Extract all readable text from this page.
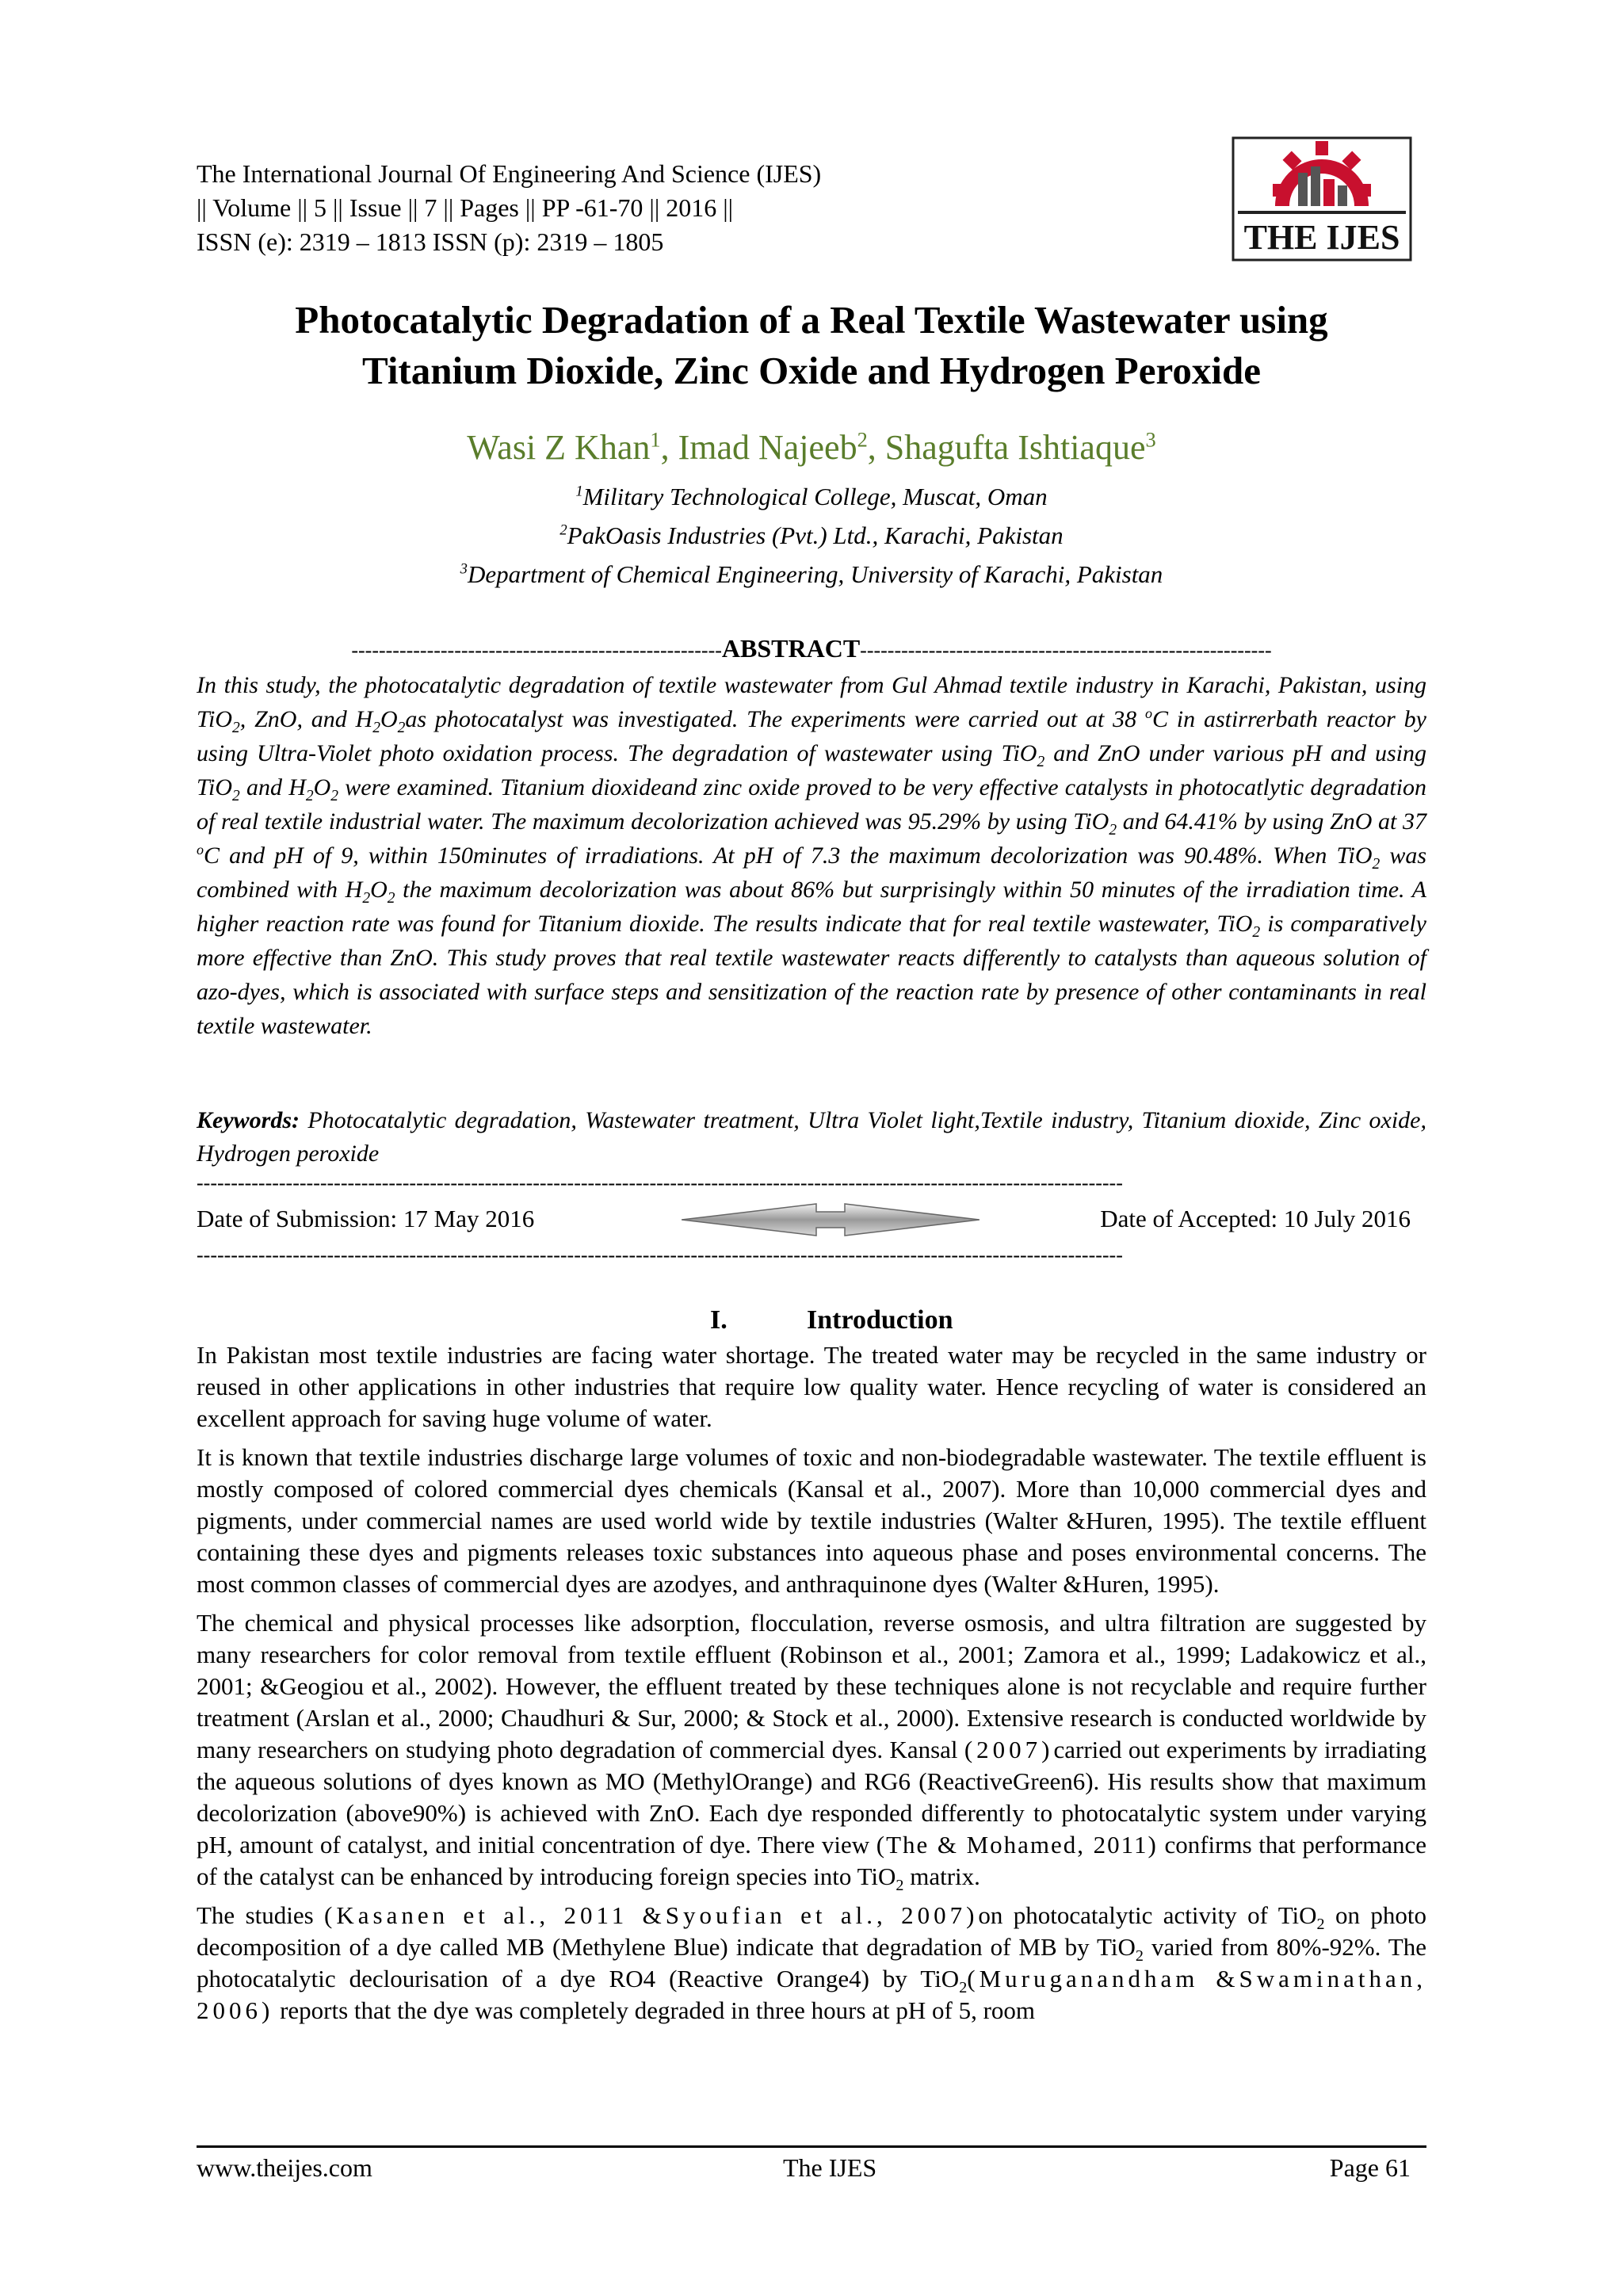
The International Journal Of Engineering And Science (IJES)
|| Volume || 5 || Issue || 7 || Pages || PP -61-70 || 2016 ||
ISSN (e): 2319 – 1813 ISSN (p): 2319 – 1805	THE IJES
Photocatalytic Degradation of a Real Textile Wastewater using
Titanium Dioxide, Zinc Oxide and Hydrogen Peroxide
Wasi Z Khan$^1$, Imad Najeeb$^2$, Shagufta Ishtiaque$^3$
$^1$Military Technological College, Muscat, Oman
$^2$PakOasis Industries (Pvt.) Ltd., Karachi, Pakistan
$^3$Department of Chemical Engineering, University of Karachi, Pakistan
------------------------------------------------------ABSTRACT------------------------------------------------------------
In this study, the photocatalytic degradation of textile wastewater from Gul Ahmad textile industry in Karachi, Pakistan, using TiO$_2$, ZnO, and $H_2O_2as$ photocatalyst was investigated. The experiments were carried out at 38 $^o$C in astirrerbath reactor by using Ultra-Violet photo oxidation process. The degradation of wastewater using TiO$_2$ and ZnO under various pH and using TiO$_2$ and $H_2O_2$ were examined. Titanium dioxideand zinc oxide proved to be very effective catalysts in photocatlytic degradation of real textile industrial water. The maximum decolorization achieved was 95.29% by using TiO$_2$ and 64.41% by using ZnO at 37 $^o$C and pH of 9, within 150minutes of irradiations. At pH of 7.3 the maximum decolorization was 90.48%. When TiO$_2$ was combined with $H_2O_2$ the maximum decolorization was about 86% but surprisingly within 50 minutes of the irradiation time. A higher reaction rate was found for Titanium dioxide. The results indicate that for real textile wastewater, TiO$_2$ is comparatively more effective than ZnO. This study proves that real textile wastewater reacts differently to catalysts than aqueous solution of azo-dyes, which is associated with surface steps and sensitization of the reaction rate by presence of other contaminants in real textile wastewater.
Keywords: Photocatalytic degradation, Wastewater treatment, Ultra Violet light,Textile industry, Titanium dioxide, Zinc oxide, Hydrogen peroxide
---------------------------------------------------------------------------------------------------------------------------------------
Date of Submission: 17 May 2016	Date of Accepted: 10 July 2016
---------------------------------------------------------------------------------------------------------------------------------------
I.	Introduction

In Pakistan most textile industries are facing water shortage. The treated water may be recycled in the same industry or reused in other applications in other industries that require low quality water. Hence recycling of water is considered an excellent approach for saving huge volume of water.

It is known that textile industries discharge large volumes of toxic and non-biodegradable wastewater. The textile effluent is mostly composed of colored commercial dyes chemicals (Kansal et al., 2007). More than 10,000 commercial dyes and pigments, under commercial names are used world wide by textile industries (Walter &Huren, 1995). The textile effluent containing these dyes and pigments releases toxic substances into aqueous phase and poses environmental concerns. The most common classes of commercial dyes are azodyes, and anthraquinone dyes (Walter &Huren, 1995).

The chemical and physical processes like adsorption, flocculation, reverse osmosis, and ultra filtration are suggested by many researchers for color removal from textile effluent (Robinson et al., 2001; Zamora et al., 1999; Ladakowicz et al., 2001; &Geogiou et al., 2002). However, the effluent treated by these techniques alone is not recyclable and require further treatment (Arslan et al., 2000; Chaudhuri & Sur, 2000; & Stock et al., 2000). Extensive research is conducted worldwide by many researchers on studying photo degradation of commercial dyes. Kansal (2007)carried out experiments by irradiating the aqueous solutions of dyes known as MO (MethylOrange) and RG6 (ReactiveGreen6). His results show that maximum decolorization (above90%) is achieved with ZnO. Each dye responded differently to photocatalytic system under varying pH, amount of catalyst, and initial concentration of dye. There view (The & Mohamed, 2011) confirms that performance of the catalyst can be enhanced by introducing foreign species into TiO$_2$ matrix.

The studies (Kasanen et al., 2011 &Syoufian et al., 2007)on photocatalytic activity of TiO$_2$ on photo decomposition of a dye called MB (Methylene Blue) indicate that degradation of MB by TiO$_2$ varied from 80%-92%. The photocatalytic declourisation of a dye RO4 (Reactive Orange4) by TiO$_2$(Muruganandham &Swaminathan, 2006) reports that the dye was completely degraded in three hours at pH of 5, room

www.theijes.com	The IJES	Page 61
